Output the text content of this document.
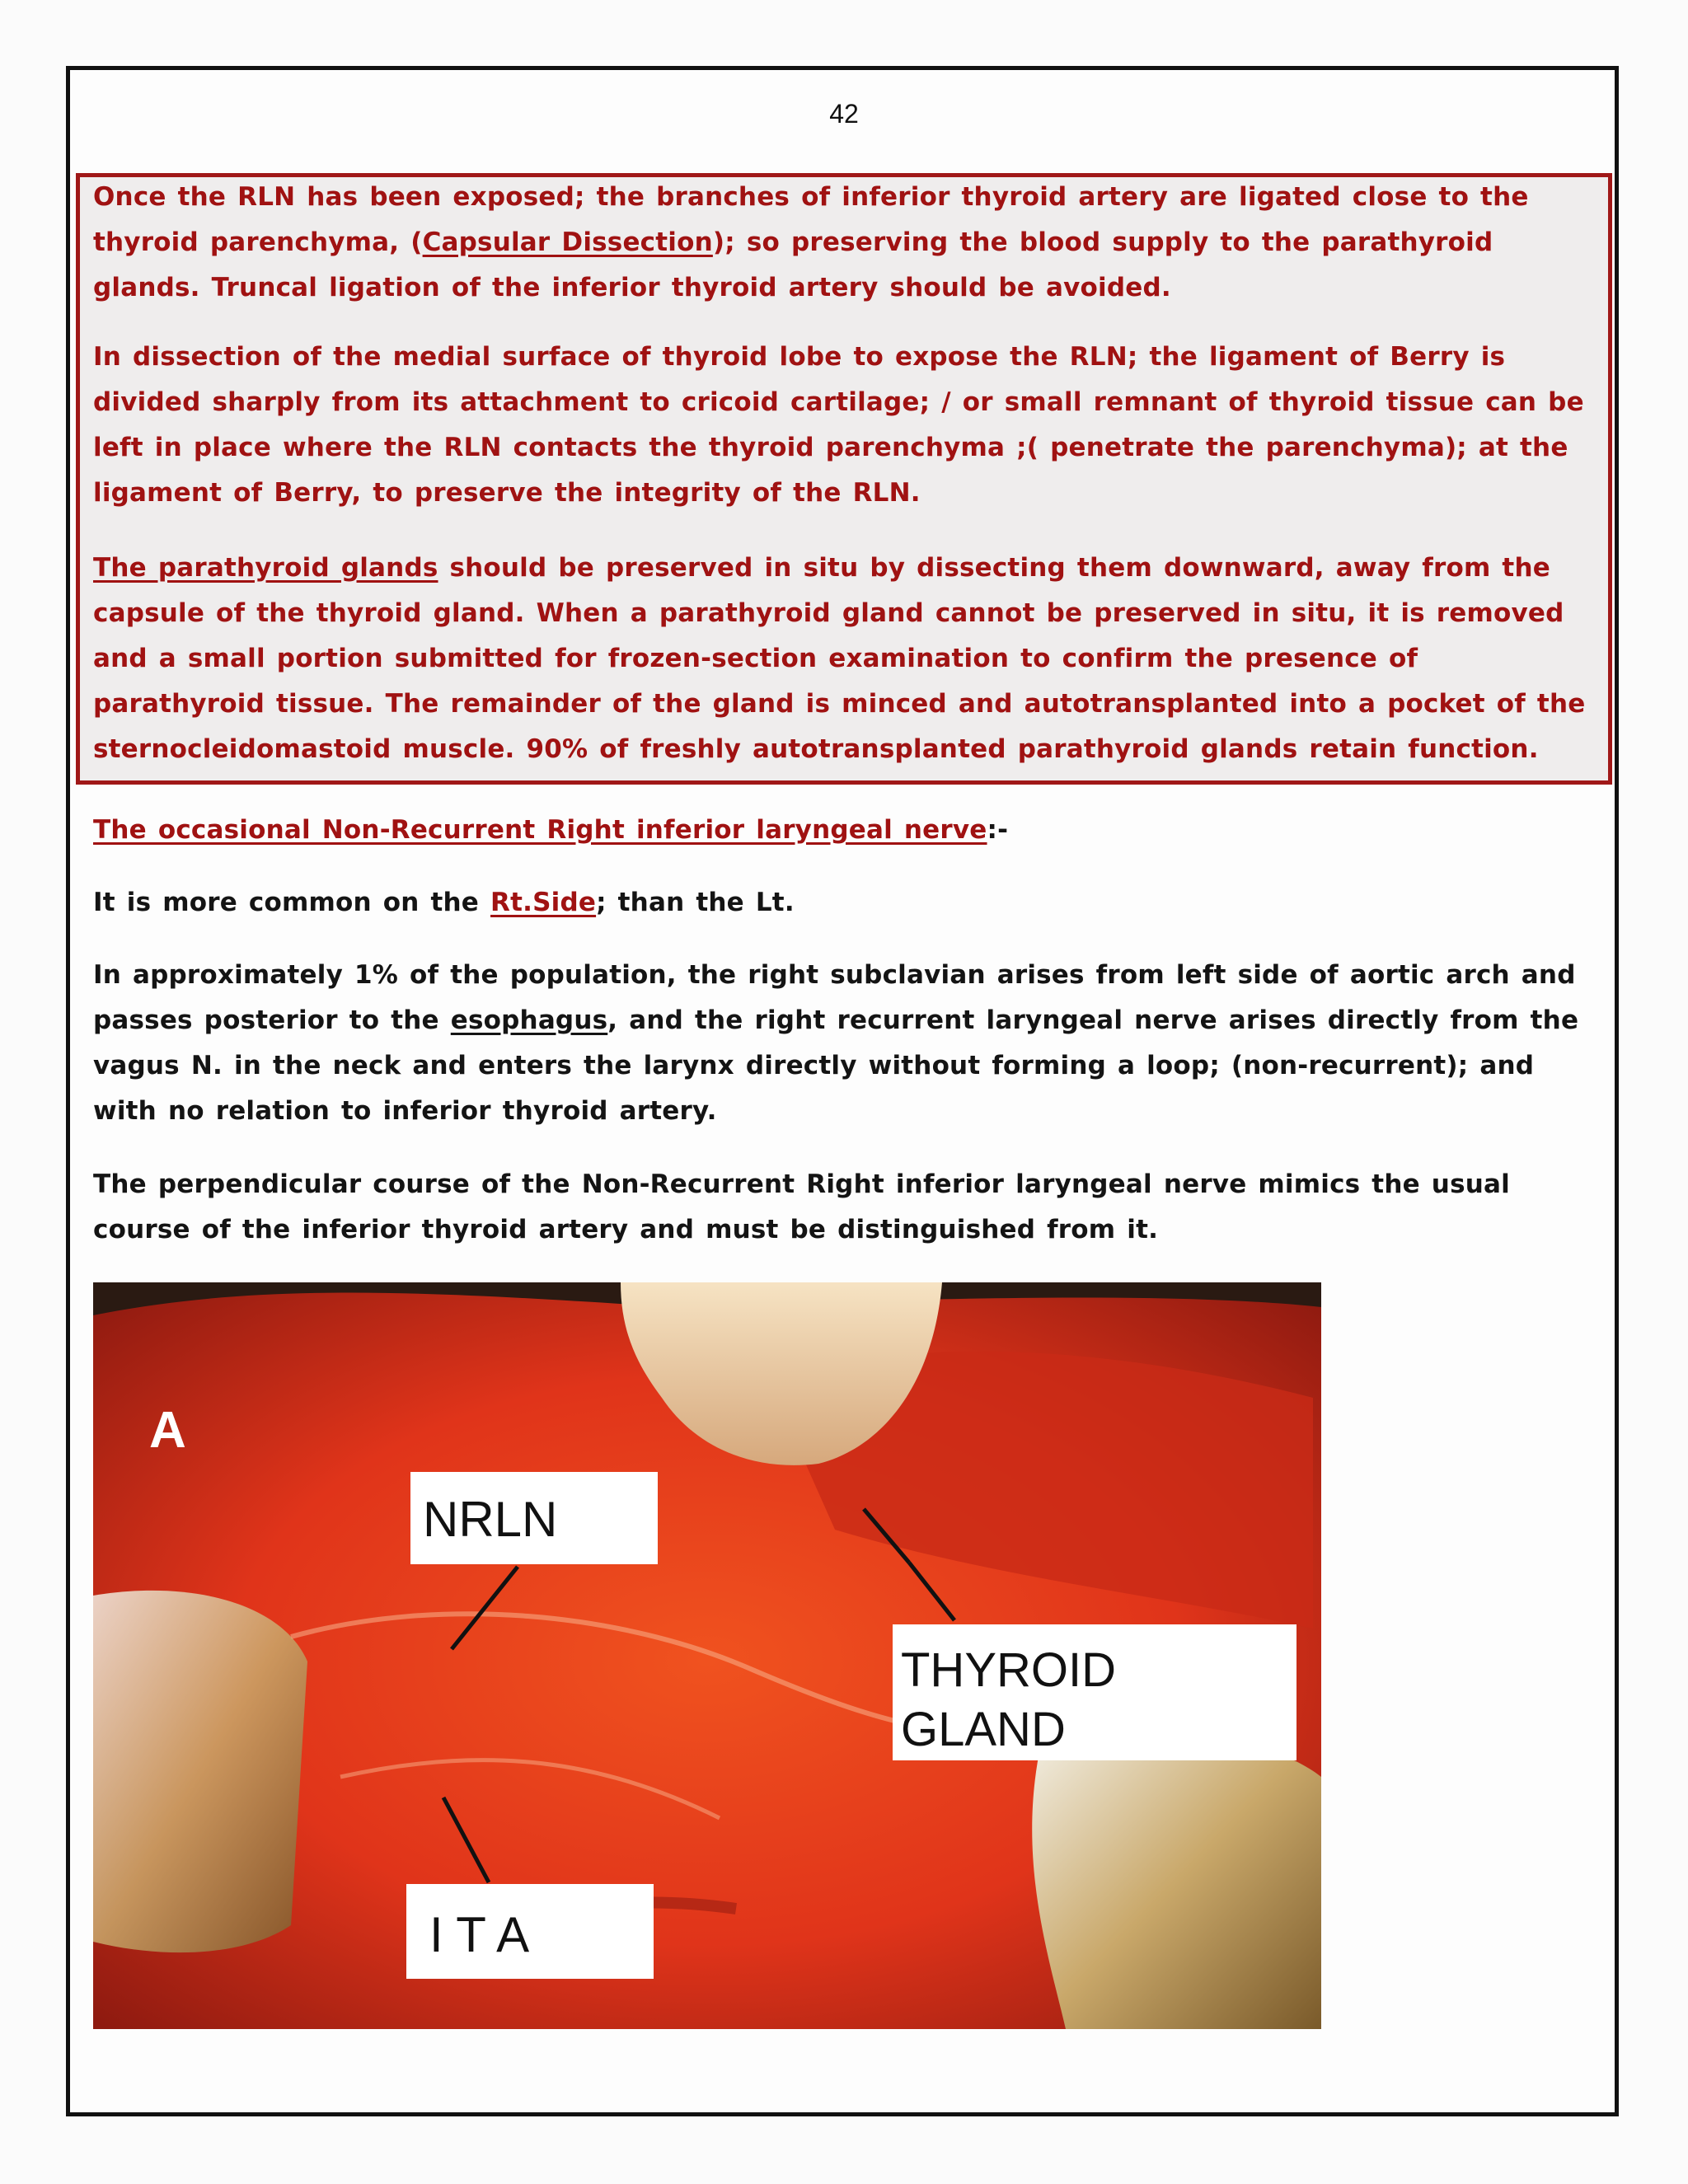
42

Once the RLN has been exposed; the branches of inferior thyroid artery are ligated close to the thyroid parenchyma, (Capsular Dissection); so preserving the blood supply to the parathyroid glands. Truncal ligation of the inferior thyroid artery should be avoided.

In dissection of the medial surface of thyroid lobe to expose the RLN; the ligament of Berry is divided sharply from its attachment to cricoid cartilage; / or small remnant of thyroid tissue can be left in place where the RLN contacts the thyroid parenchyma ;( penetrate the parenchyma); at the ligament of Berry, to preserve the integrity of the RLN.

The parathyroid glands should be preserved in situ by dissecting them downward, away from the capsule of the thyroid gland. When a parathyroid gland cannot be preserved in situ, it is removed and a small portion submitted for frozen-section examination to confirm the presence of parathyroid tissue. The remainder of the gland is minced and autotransplanted into a pocket of the sternocleidomastoid muscle. 90% of freshly autotransplanted parathyroid glands retain function.

The occasional Non-Recurrent Right inferior laryngeal nerve:-

It is more common on the Rt.Side; than the Lt.

In approximately 1% of the population, the right subclavian arises from left side of aortic arch and passes posterior to the esophagus, and the right recurrent laryngeal nerve arises directly from the vagus N. in the neck and enters the larynx directly without forming a loop; (non-recurrent); and with no relation to inferior thyroid artery.

The perpendicular course of the Non-Recurrent Right inferior laryngeal nerve mimics the usual course of the inferior thyroid artery and must be distinguished from it.

A
NRLN
THYROID
GLAND
I T A
